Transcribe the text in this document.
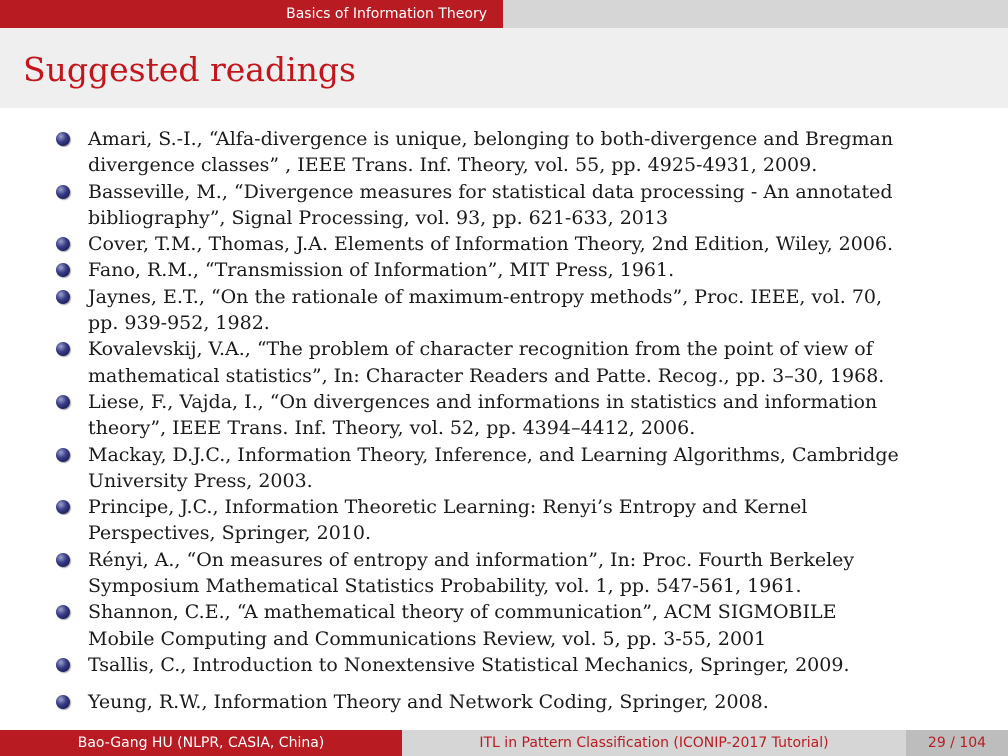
Basics of Information Theory
Suggested readings
Amari, S.-I., “Alfa-divergence is unique, belonging to both-divergence and Bregman
divergence classes” , IEEE Trans. Inf. Theory, vol. 55, pp. 4925-4931, 2009.
Basseville, M., “Divergence measures for statistical data processing - An annotated
bibliography”, Signal Processing, vol. 93, pp. 621-633, 2013
Cover, T.M., Thomas, J.A. Elements of Information Theory, 2nd Edition, Wiley, 2006.
Fano, R.M., “Transmission of Information”, MIT Press, 1961.
Jaynes, E.T., “On the rationale of maximum-entropy methods”, Proc. IEEE, vol. 70,
pp. 939-952, 1982.
Kovalevskij, V.A., “The problem of character recognition from the point of view of
mathematical statistics”, In: Character Readers and Patte. Recog., pp. 3–30, 1968.
Liese, F., Vajda, I., “On divergences and informations in statistics and information
theory”, IEEE Trans. Inf. Theory, vol. 52, pp. 4394–4412, 2006.
Mackay, D.J.C., Information Theory, Inference, and Learning Algorithms, Cambridge
University Press, 2003.
Principe, J.C., Information Theoretic Learning: Renyi’s Entropy and Kernel
Perspectives, Springer, 2010.
Rényi, A., “On measures of entropy and information”, In: Proc. Fourth Berkeley
Symposium Mathematical Statistics Probability, vol. 1, pp. 547-561, 1961.
Shannon, C.E., “A mathematical theory of communication”, ACM SIGMOBILE
Mobile Computing and Communications Review, vol. 5, pp. 3-55, 2001
Tsallis, C., Introduction to Nonextensive Statistical Mechanics, Springer, 2009.
Yeung, R.W., Information Theory and Network Coding, Springer, 2008.
Bao-Gang HU (NLPR, CASIA, China)	ITL in Pattern Classification (ICONIP-2017 Tutorial)	29 / 104
